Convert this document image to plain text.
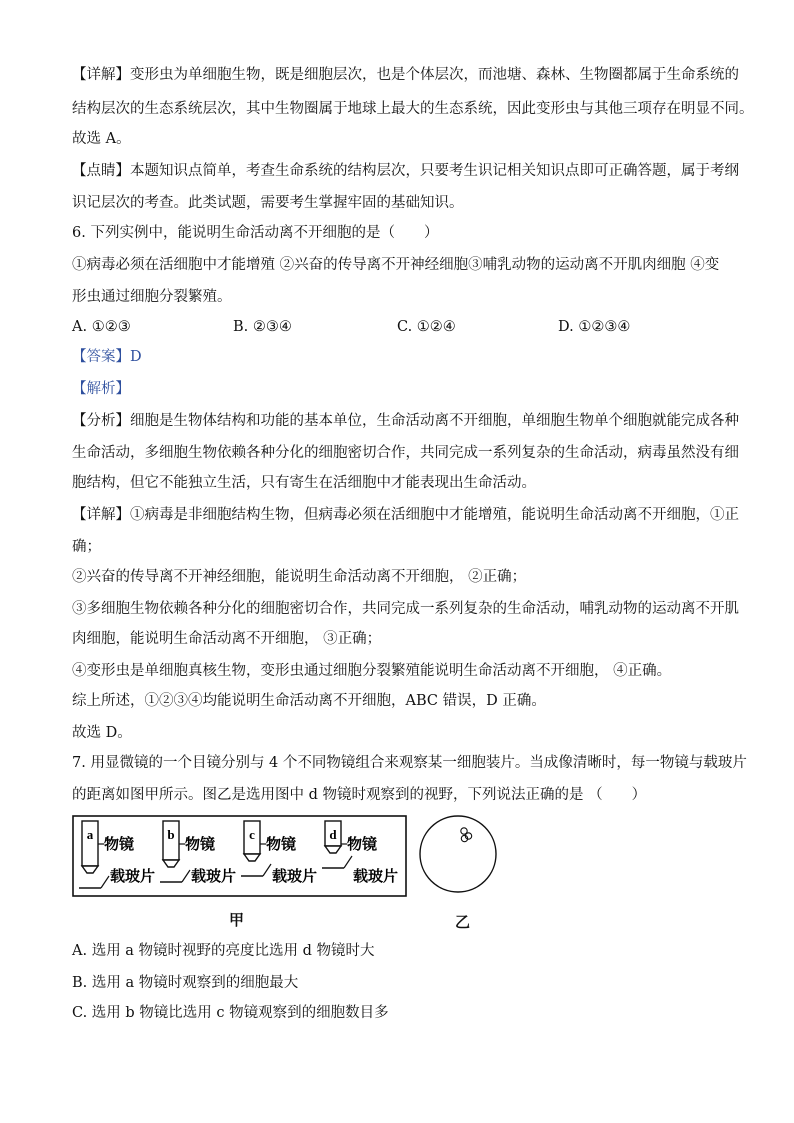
【详解】变形虫为单细胞生物，既是细胞层次，也是个体层次，而池塘、森林、生物圈都属于生命系统的
结构层次的生态系统层次，其中生物圈属于地球上最大的生态系统，因此变形虫与其他三项存在明显不同。
故选 A。
【点睛】本题知识点简单，考查生命系统的结构层次，只要考生识记相关知识点即可正确答题，属于考纲
识记层次的考查。此类试题，需要考生掌握牢固的基础知识。
6. 下列实例中，能说明生命活动离不开细胞的是（　　）
①病毒必须在活细胞中才能增殖 ②兴奋的传导离不开神经细胞③哺乳动物的运动离不开肌肉细胞 ④变
形虫通过细胞分裂繁殖。
A. ①②③	B. ②③④	C. ①②④	D. ①②③④
【答案】D
【解析】
【分析】细胞是生物体结构和功能的基本单位，生命活动离不开细胞，单细胞生物单个细胞就能完成各种
生命活动，多细胞生物依赖各种分化的细胞密切合作，共同完成一系列复杂的生命活动，病毒虽然没有细
胞结构，但它不能独立生活，只有寄生在活细胞中才能表现出生命活动。
【详解】①病毒是非细胞结构生物，但病毒必须在活细胞中才能增殖，能说明生命活动离不开细胞，①正
确；
②兴奋的传导离不开神经细胞，能说明生命活动离不开细胞， ②正确；
③多细胞生物依赖各种分化的细胞密切合作，共同完成一系列复杂的生命活动，哺乳动物的运动离不开肌
肉细胞，能说明生命活动离不开细胞， ③正确；
④变形虫是单细胞真核生物，变形虫通过细胞分裂繁殖能说明生命活动离不开细胞， ④正确。
综上所述，①②③④均能说明生命活动离不开细胞，ABC 错误，D 正确。
故选 D。
7. 用显微镜的一个目镜分别与 4 个不同物镜组合来观察某一细胞装片。当成像清晰时，每一物镜与载玻片
的距离如图甲所示。图乙是选用图中 d 物镜时观察到的视野，下列说法正确的是 （　　）
a
物镜
载玻片
b
物镜
载玻片
c
物镜
载玻片
d
物镜
载玻片
甲	乙
A. 选用 a 物镜时视野的亮度比选用 d 物镜时大
B. 选用 a 物镜时观察到的细胞最大
C. 选用 b 物镜比选用 c 物镜观察到的细胞数目多
